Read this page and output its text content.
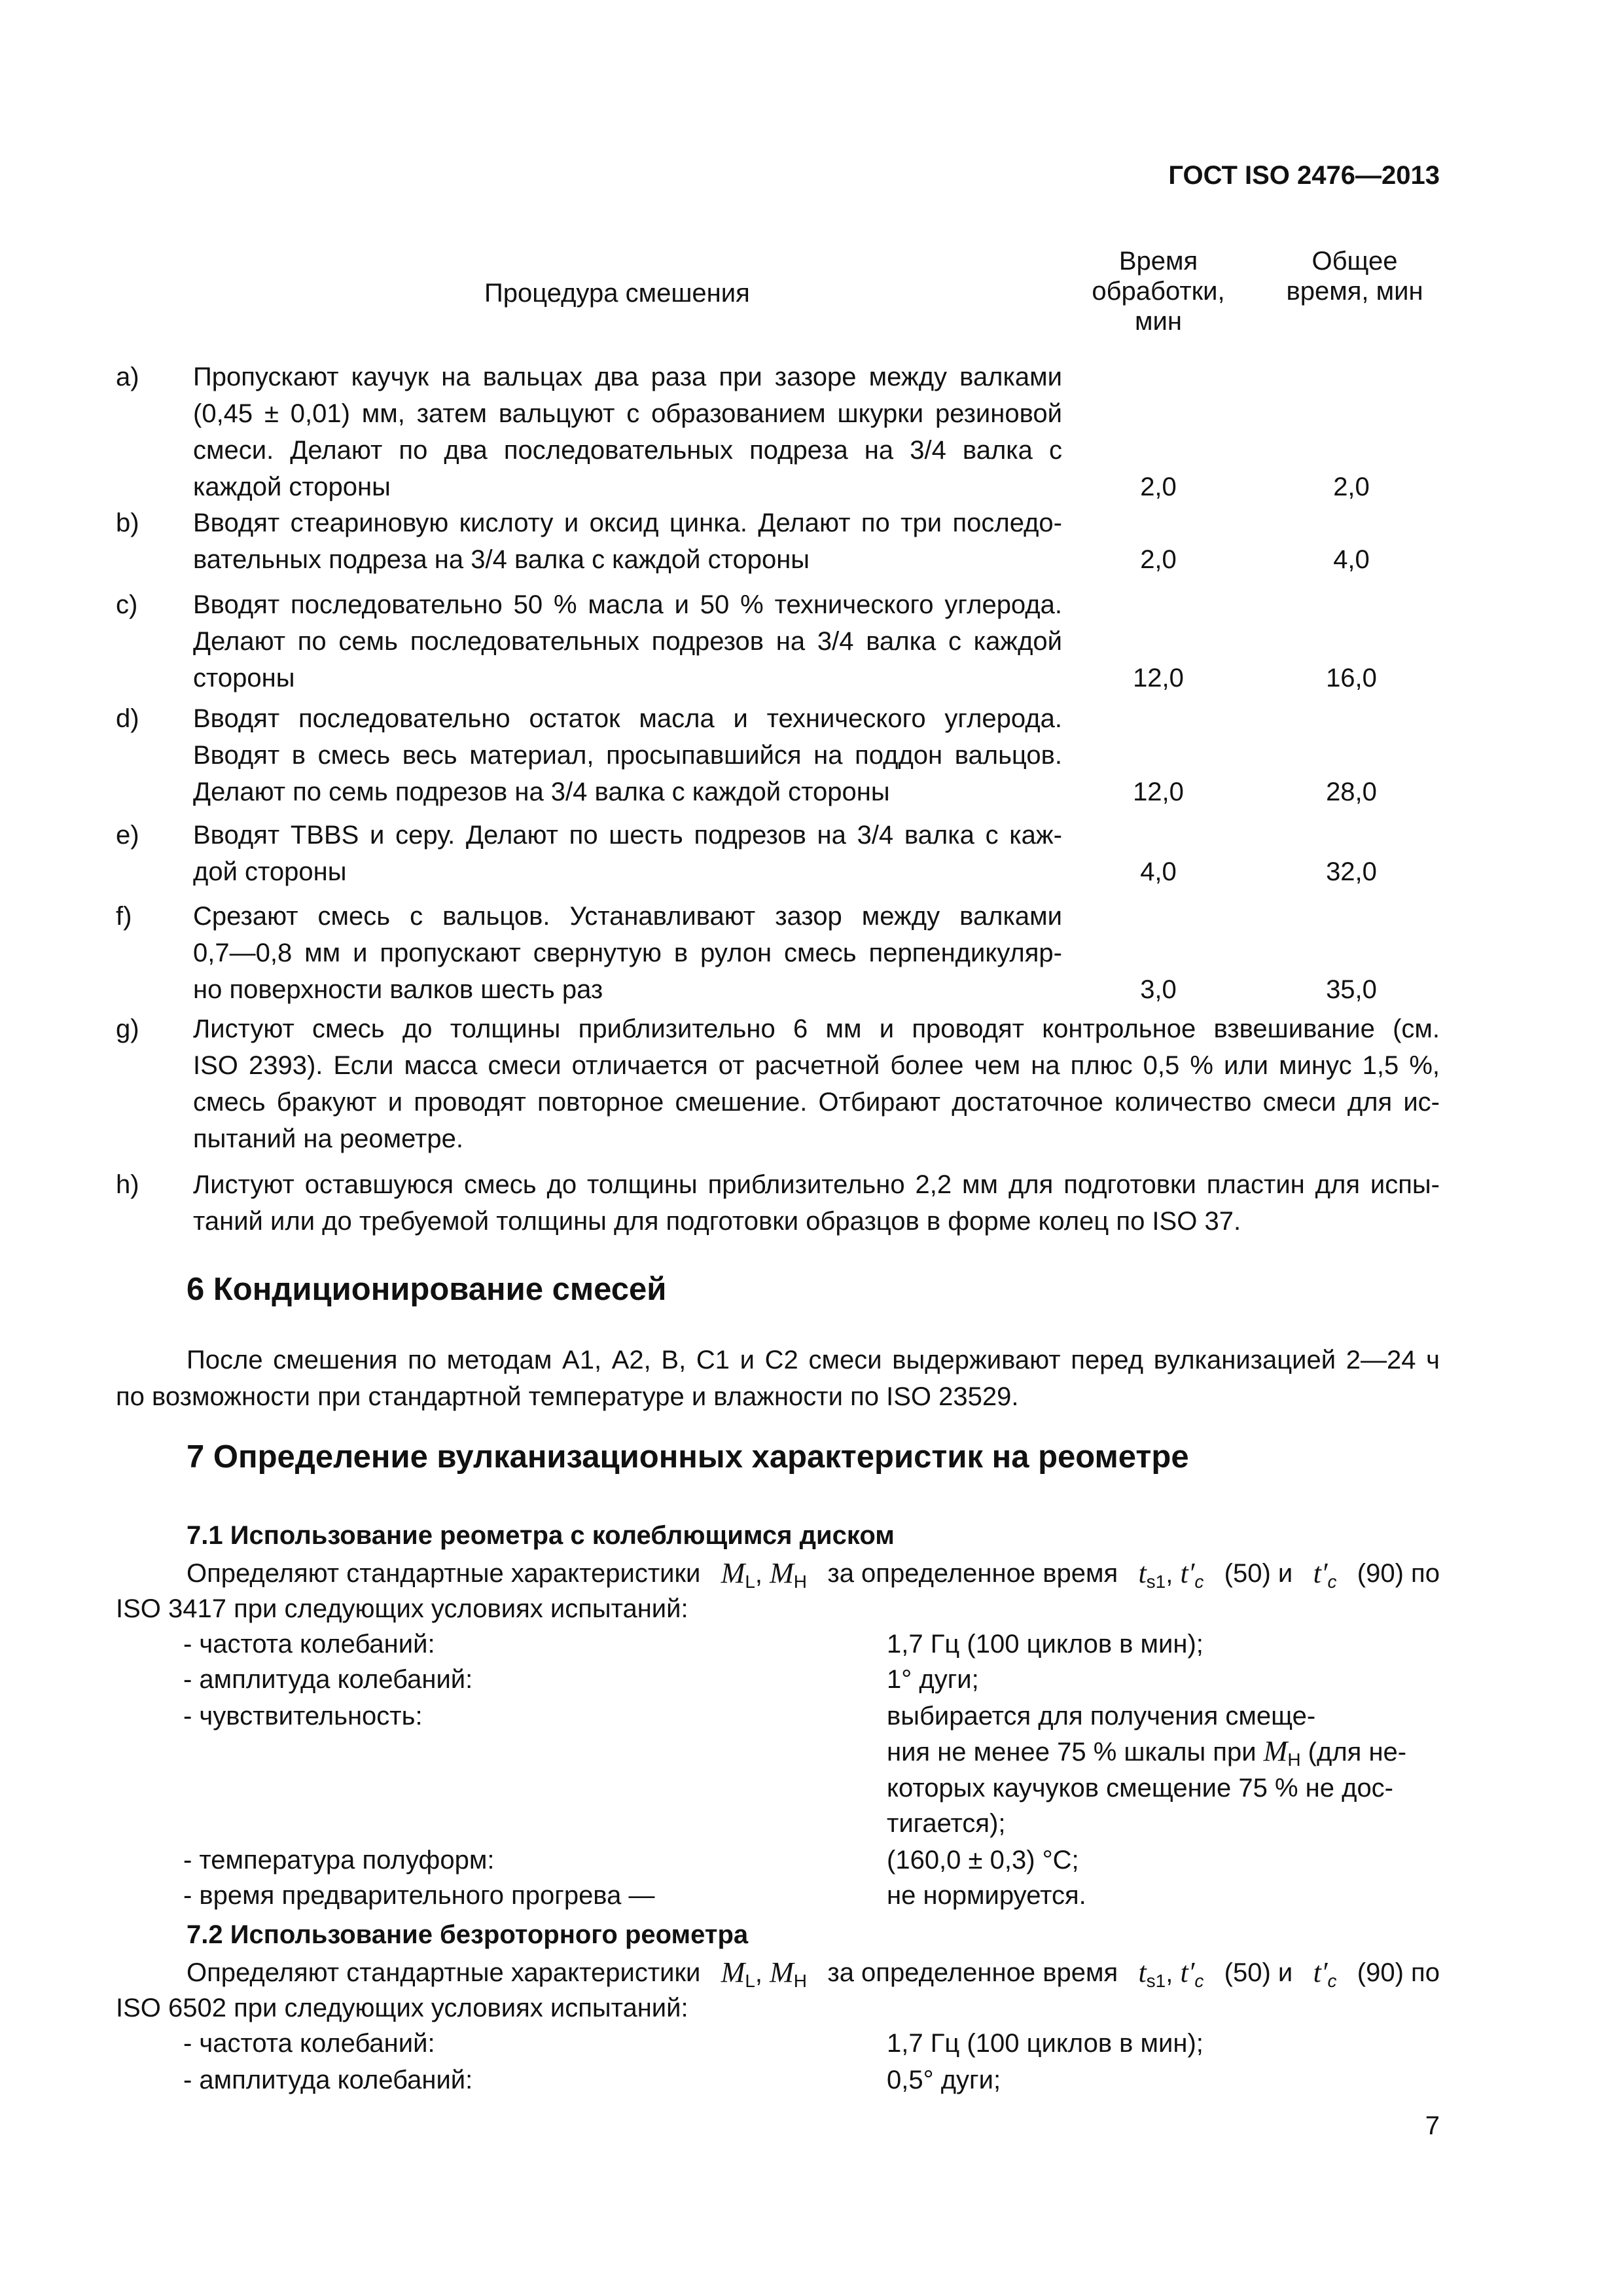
ГОСТ ISO 2476—2013
Процедура смешения
Время
обработки,
мин
Общее
время, мин
a) Пропускают каучук на вальцах два раза при зазоре между валками
(0,45 ± 0,01) мм, затем вальцуют с образованием шкурки резиновой
смеси. Делают по два последовательных подреза на 3/4 валка с
каждой стороны	2,0	2,0
b) Вводят стеариновую кислоту и оксид цинка. Делают по три последо-
вательных подреза на 3/4 валка с каждой стороны	2,0	4,0
c) Вводят последовательно 50 % масла и 50 % технического углерода.
Делают по семь последовательных подрезов на 3/4 валка с каждой
стороны	12,0	16,0
d) Вводят последовательно остаток масла и технического углерода.
Вводят в смесь весь материал, просыпавшийся на поддон вальцов.
Делают по семь подрезов на 3/4 валка с каждой стороны	12,0	28,0
e) Вводят TBBS и серу. Делают по шесть подрезов на 3/4 валка с каж-
дой стороны	4,0	32,0
f) Срезают смесь с вальцов. Устанавливают зазор между валками
0,7—0,8 мм и пропускают свернутую в рулон смесь перпендикуляр-
но поверхности валков шесть раз	3,0	35,0
g) Листуют смесь до толщины приблизительно 6 мм и проводят контрольное взвешивание (см.
ISO 2393). Если масса смеси отличается от расчетной более чем на плюс 0,5 % или минус 1,5 %,
смесь бракуют и проводят повторное смешение. Отбирают достаточное количество смеси для ис-
пытаний на реометре.
h) Листуют оставшуюся смесь до толщины приблизительно 2,2 мм для подготовки пластин для испы-
таний или до требуемой толщины для подготовки образцов в форме колец по ISO 37.
6 Кондиционирование смесей
После смешения по методам А1, А2, В, С1 и С2 смеси выдерживают перед вулканизацией 2—24 ч
по возможности при стандартной температуре и влажности по ISO 23529.
7 Определение вулканизационных характеристик на реометре
7.1 Использование реометра с колеблющимся диском
Определяют стандартные характеристики $M_L$, $M_H$ за определенное время $t_{s1}$, $t'_c$ (50) и $t'_c$ (90) по
ISO 3417 при следующих условиях испытаний:
- частота колебаний:	1,7 Гц (100 циклов в мин);
- амплитуда колебаний:	1° дуги;
- чувствительность:	выбирается для получения смеще-
ния не менее 75 % шкалы при $M_H$ (для не-
которых каучуков смещение 75 % не дос-
тигается);
- температура полуформ:	(160,0 ± 0,3) °С;
- время предварительного прогрева —	не нормируется.
7.2 Использование безроторного реометра
Определяют стандартные характеристики $M_L$, $M_H$ за определенное время $t_{s1}$, $t'_c$ (50) и $t'_c$ (90) по
ISO 6502 при следующих условиях испытаний:
- частота колебаний:	1,7 Гц (100 циклов в мин);
- амплитуда колебаний:	0,5° дуги;
7
